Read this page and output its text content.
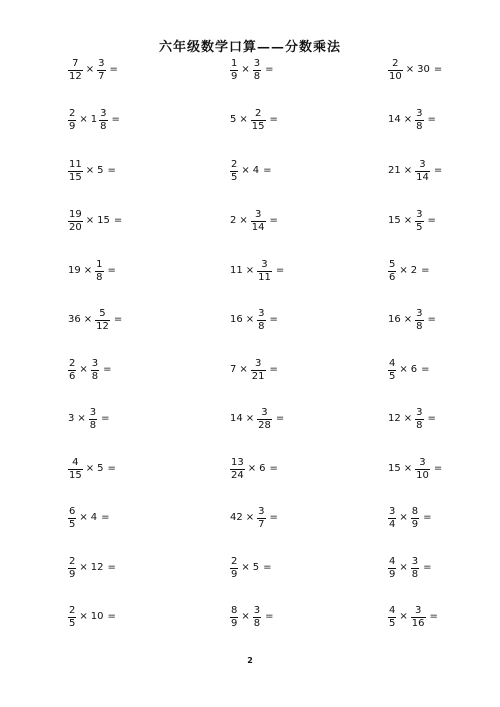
六年级数学口算——分数乘法
$\frac{7}{12} \times \frac{3}{7}$ =	$\frac{1}{9} \times \frac{3}{8}$ =	$\frac{2}{10} \times 30$ =
$\frac{2}{9} \times 1 \frac{3}{8}$ =	$5 \times \frac{2}{15}$ =	$14 \times \frac{3}{8}$ =
$\frac{11}{15} \times 5$ =	$\frac{2}{5} \times 4$ =	$21 \times \frac{3}{14}$ =
$\frac{19}{20} \times 15$ =	$2 \times \frac{3}{14}$ =	$15 \times \frac{3}{5}$ =
$19 \times \frac{1}{8}$ =	$11 \times \frac{3}{11}$ =	$\frac{5}{6} \times 2$ =
$36 \times \frac{5}{12}$ =	$16 \times \frac{3}{8}$ =	$16 \times \frac{3}{8}$ =
$\frac{2}{6} \times \frac{3}{8}$ =	$7 \times \frac{3}{21}$ =	$\frac{4}{5} \times 6$ =
$3 \times \frac{3}{8}$ =	$14 \times \frac{3}{28}$ =	$12 \times \frac{3}{8}$ =
$\frac{4}{15} \times 5$ =	$\frac{13}{24} \times 6$ =	$15 \times \frac{3}{10}$ =
$\frac{6}{5} \times 4$ =	$42 \times \frac{3}{7}$ =	$\frac{3}{4} \times \frac{8}{9}$ =
$\frac{2}{9} \times 12$ =	$\frac{2}{9} \times 5$ =	$\frac{4}{9} \times \frac{3}{8}$ =
$\frac{2}{5} \times 10$ =	$\frac{8}{9} \times \frac{3}{8}$ =	$\frac{4}{5} \times \frac{3}{16}$ =
2
